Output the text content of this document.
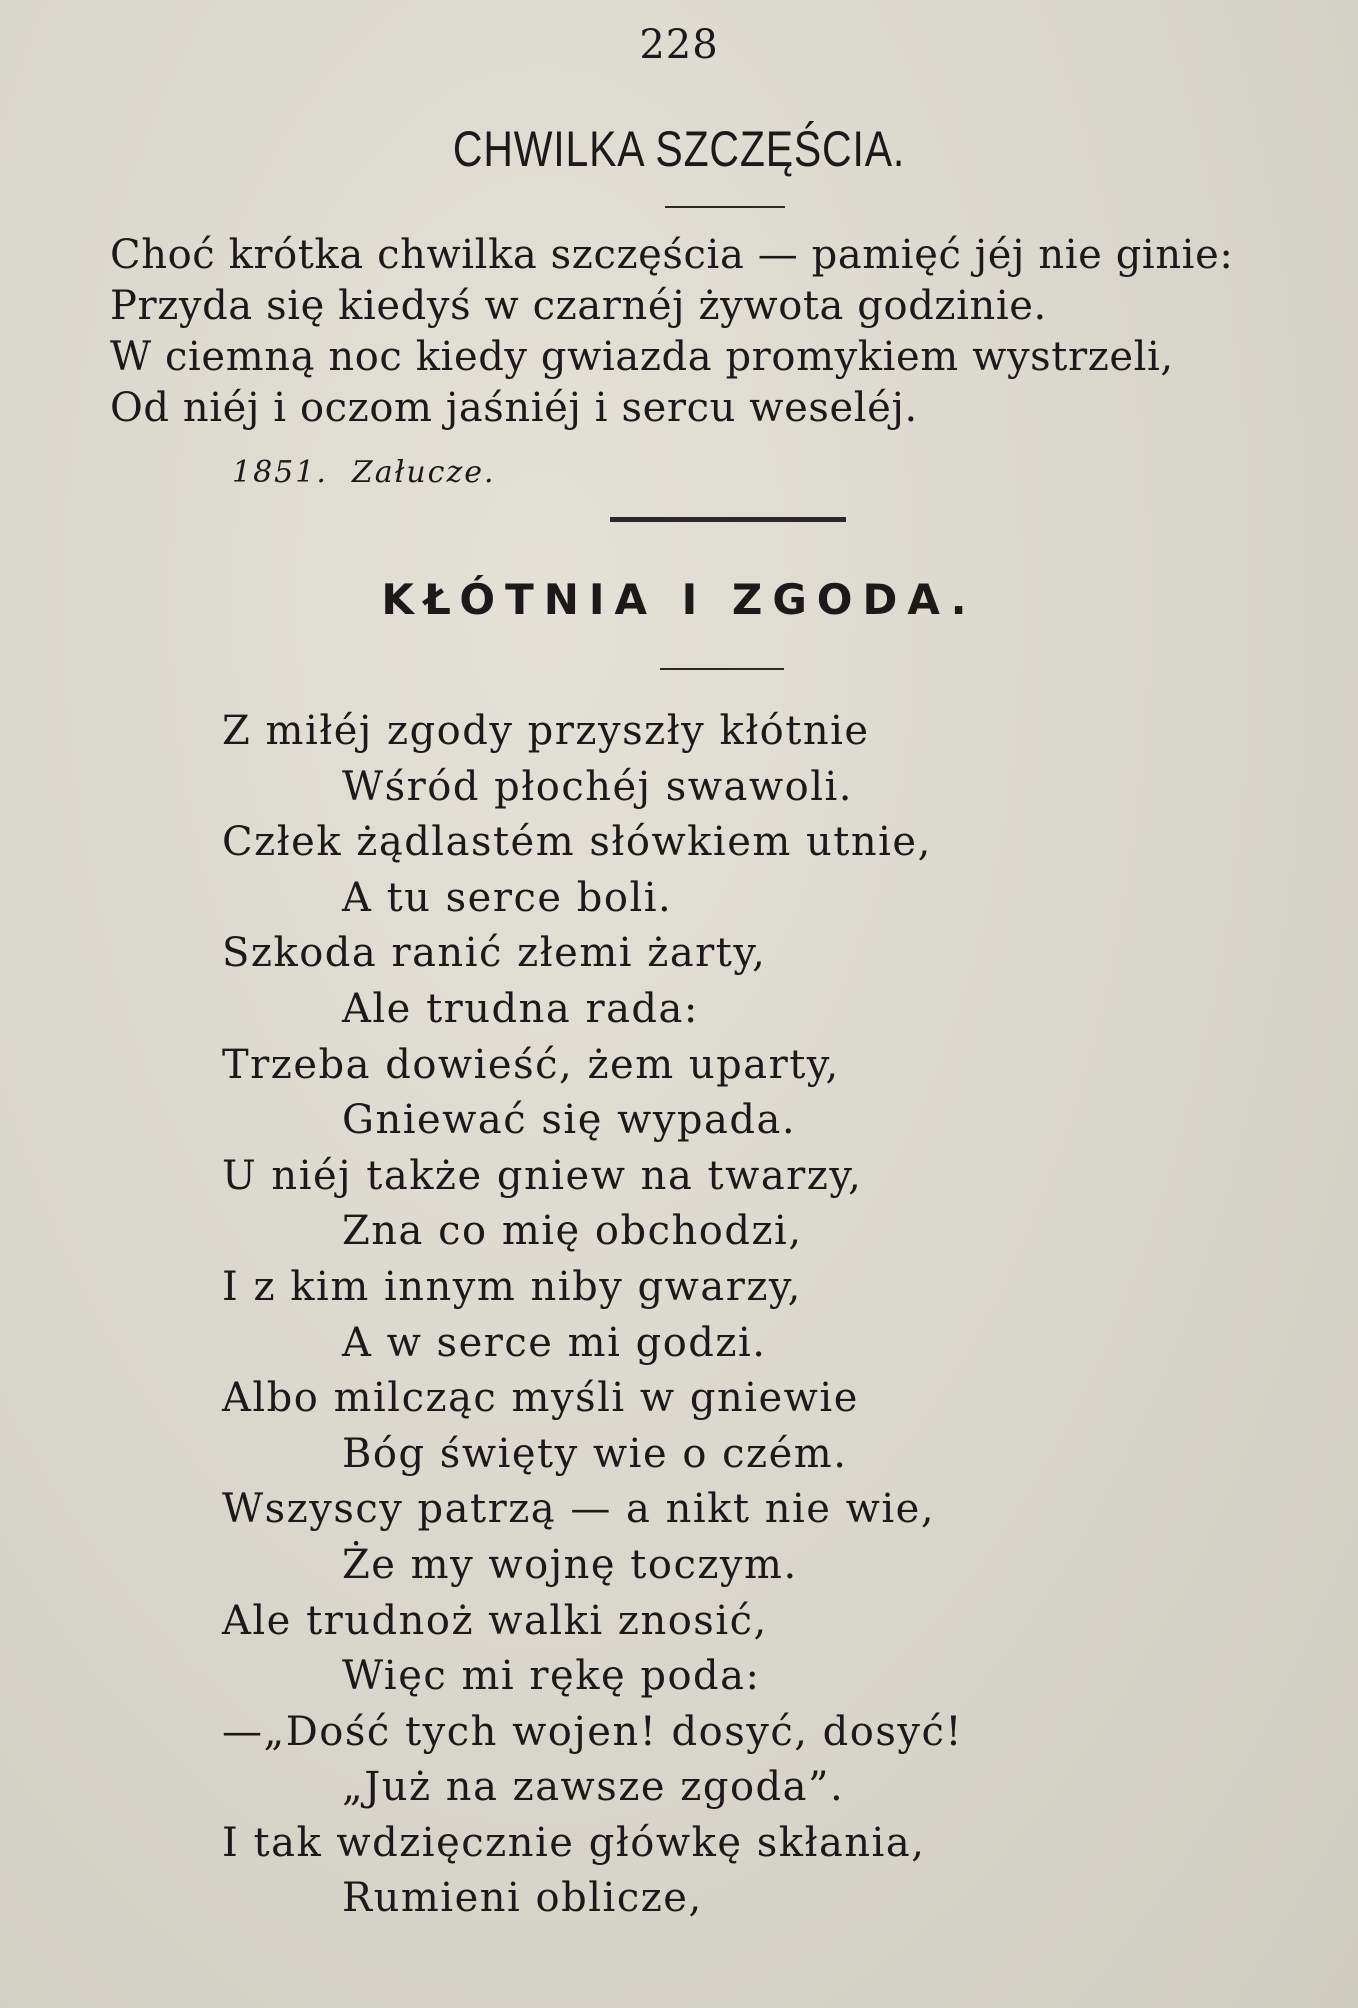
228
CHWILKA SZCZĘŚCIA.
Choć krótka chwilka szczęścia — pamięć jéj nie ginie:
Przyda się kiedyś w czarnéj żywota godzinie.
W ciemną noc kiedy gwiazda promykiem wystrzeli,
Od niéj i oczom jaśniéj i sercu weseléj.
1851. Załucze.
KŁÓTNIA I ZGODA.
Z miłéj zgody przyszły kłótnie
Wśród płochéj swawoli.
Człek żądlastém słówkiem utnie,
A tu serce boli.
Szkoda ranić złemi żarty,
Ale trudna rada:
Trzeba dowieść, żem uparty,
Gniewać się wypada.
U niéj także gniew na twarzy,
Zna co mię obchodzi,
I z kim innym niby gwarzy,
A w serce mi godzi.
Albo milcząc myśli w gniewie
Bóg święty wie o czém.
Wszyscy patrzą — a nikt nie wie,
Że my wojnę toczym.
Ale trudnoż walki znosić,
Więc mi rękę poda:
—„Dość tych wojen! dosyć, dosyć!
„Już na zawsze zgoda”.
I tak wdzięcznie główkę skłania,
Rumieni oblicze,
